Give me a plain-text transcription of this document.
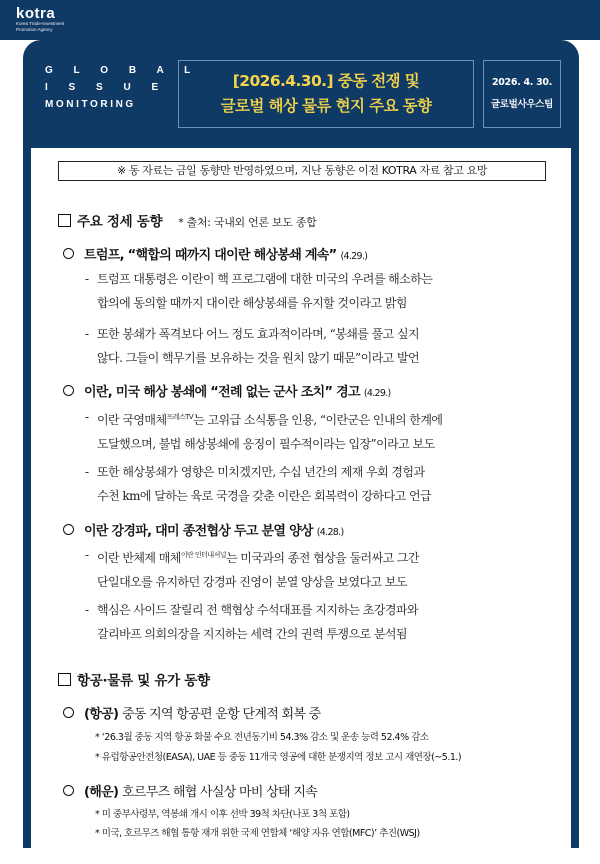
kotra
Korea Trade-Investment
Promotion Agency
G L O B A L
I S S U E
MONITORING
[2026.4.30.] 중동 전쟁 및
글로벌 해상 물류 현지 주요 동향
2026. 4. 30.
글로벌사우스팀
※ 동 자료는 금일 동향만 반영하였으며, 지난 동향은 이전 KOTRA 자료 참고 요망
주요 정세 동향 * 출처: 국내외 언론 보도 종합
트럼프, “핵합의 때까지 대이란 해상봉쇄 계속” (4.29.)
- 트럼프 대통령은 이란이 핵 프로그램에 대한 미국의 우려를 해소하는
합의에 동의할 때까지 대이란 해상봉쇄를 유지할 것이라고 밝힘
- 또한 봉쇄가 폭격보다 어느 정도 효과적이라며, “봉쇄를 풀고 싶지
않다. 그들이 핵무기를 보유하는 것을 원치 않기 때문”이라고 발언
이란, 미국 해상 봉쇄에 “전례 없는 군사 조치” 경고 (4.29.)
- 이란 국영매체$^{프레스TV}$는 고위급 소식통을 인용, “이란군은 인내의 한계에
도달했으며, 불법 해상봉쇄에 응징이 필수적이라는 입장”이라고 보도
- 또한 해상봉쇄가 영향은 미치겠지만, 수십 년간의 제재 우회 경험과
수천 km에 달하는 육로 국경을 갖춘 이란은 회복력이 강하다고 언급
이란 강경파, 대미 종전협상 두고 분열 양상 (4.28.)
- 이란 반체제 매체$^{이란 인터내셔널}$는 미국과의 종전 협상을 둘러싸고 그간
단일대오를 유지하던 강경파 진영이 분열 양상을 보였다고 보도
- 핵심은 사이드 잘릴리 전 핵협상 수석대표를 지지하는 초강경파와
갈리바프 의회의장을 지지하는 세력 간의 권력 투쟁으로 분석됨
항공·물류 및 유가 동향
(항공) 중동 지역 항공편 운항 단계적 회복 중
* ‘26.3월 중동 지역 항공 화물 수요 전년동기비 54.3% 감소 및 운송 능력 52.4% 감소
* 유럽항공안전청(EASA), UAE 등 중동 11개국 영공에 대한 분쟁지역 정보 고시 재연장(~5.1.)
(해운) 호르무즈 해협 사실상 마비 상태 지속
* 미 중부사령부, 역봉쇄 개시 이후 선박 39척 차단(나포 3척 포함)
* 미국, 호르무즈 해협 통항 재개 위한 국제 연합체 ‘해양 자유 연합(MFC)’ 추진(WSJ)
